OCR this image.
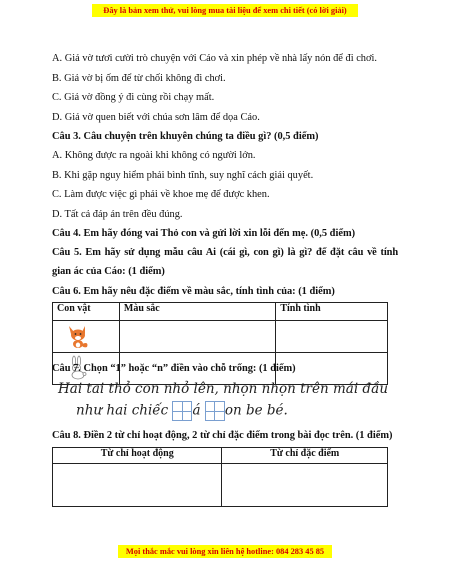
Đây là bản xem thử, vui lòng mua tài liệu để xem chi tiết (có lời giải)
A. Giả vờ tươi cười trò chuyện với Cáo và xin phép về nhà lấy nón để đi chơi.
B. Giả vờ bị ốm để từ chối không đi chơi.
C. Giả vờ đồng ý đi cùng rồi chạy mất.
D. Giả vờ quen biết với chúa sơn lâm để dọa Cáo.
Câu 3. Câu chuyện trên khuyên chúng ta điều gì? (0,5 điểm)
A. Không được ra ngoài khi không có người lớn.
B. Khi gặp nguy hiểm phải bình tĩnh, suy nghĩ cách giải quyết.
C. Làm được việc gì phải về khoe mẹ để được khen.
D. Tất cả đáp án trên đều đúng.
Câu 4. Em hãy đóng vai Thỏ con và gửi lời xin lỗi đến mẹ. (0,5 điểm)
Câu 5. Em hãy sử dụng mẫu câu Ai (cái gì, con gì) là gì? để đặt câu về tính
gian ác của Cáo: (1 điểm)
Câu 6. Em hãy nêu đặc điểm về màu sắc, tính tình của: (1 điểm)
Con vật	Màu sắc	Tính tình

Câu 7. Chọn “1” hoặc “n” điền vào chỗ trống: (1 điểm)
Hai tai thỏ con nhỏ lên, nhọn nhọn trên mái đầu
như hai chiếc á on be bé.
Câu 8. Điền 2 từ chỉ hoạt động, 2 từ chỉ đặc điểm trong bài đọc trên. (1 điểm)
Từ chỉ hoạt động	Từ chỉ đặc điểm

Mọi thắc mắc vui lòng xin liên hệ hotline: 084 283 45 85
